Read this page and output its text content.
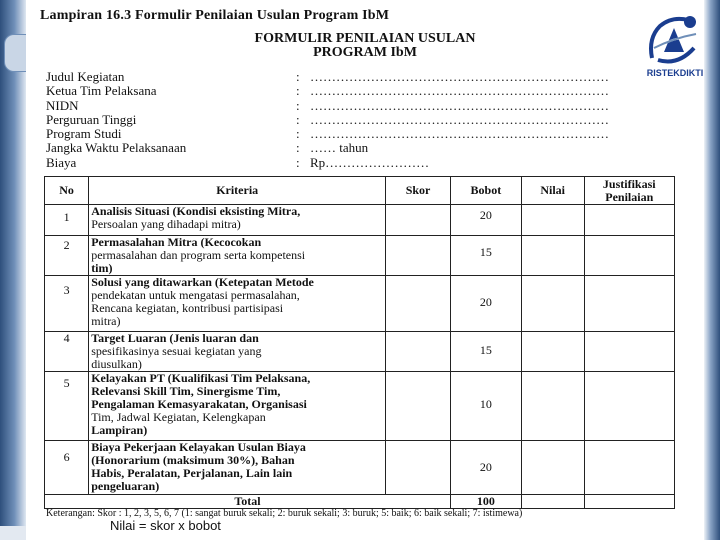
Lampiran 16.3 Formulir Penilaian Usulan Program IbM
FORMULIR PENILAIAN USULAN
PROGRAM IbM
RISTEKDIKTI
Judul Kegiatan	: ……………………………………………………………
Ketua Tim Pelaksana	: ……………………………………………………………
NIDN	: ……………………………………………………………
Perguruan Tinggi	: ……………………………………………………………
Program Studi	: ……………………………………………………………
Jangka Waktu Pelaksanaan	: …… tahun
Biaya	: Rp……………………
No	Kriteria	Skor	Bobot	Nilai	Justifikasi Penilaian

1	Analisis Situasi (Kondisi eksisting Mitra,
Persoalan yang dihadapi mitra)		20		

2	Permasalahan Mitra (Kecocokan
permasalahan dan program serta kompetensi
tim)		15		

3	Solusi yang ditawarkan (Ketepatan Metode
pendekatan untuk mengatasi permasalahan,
Rencana kegiatan, kontribusi partisipasi
mitra)		20		

4	Target Luaran (Jenis luaran dan
spesifikasinya sesuai kegiatan yang
diusulkan)		15		

5	Kelayakan PT (Kualifikasi Tim Pelaksana,
Relevansi Skill Tim, Sinergisme Tim,
Pengalaman Kemasyarakatan, Organisasi
Tim, Jadwal Kegiatan, Kelengkapan
Lampiran)		10		

6	Biaya Pekerjaan Kelayakan Usulan Biaya
(Honorarium (maksimum 30%), Bahan
Habis, Peralatan, Perjalanan, Lain lain
pengeluaran)		20		

Total			100		
Keterangan: Skor : 1, 2, 3, 5, 6, 7 (1: sangat buruk sekali; 2: buruk sekali; 3: buruk; 5: baik; 6: baik sekali; 7: istimewa)
Nilai = skor x bobot
